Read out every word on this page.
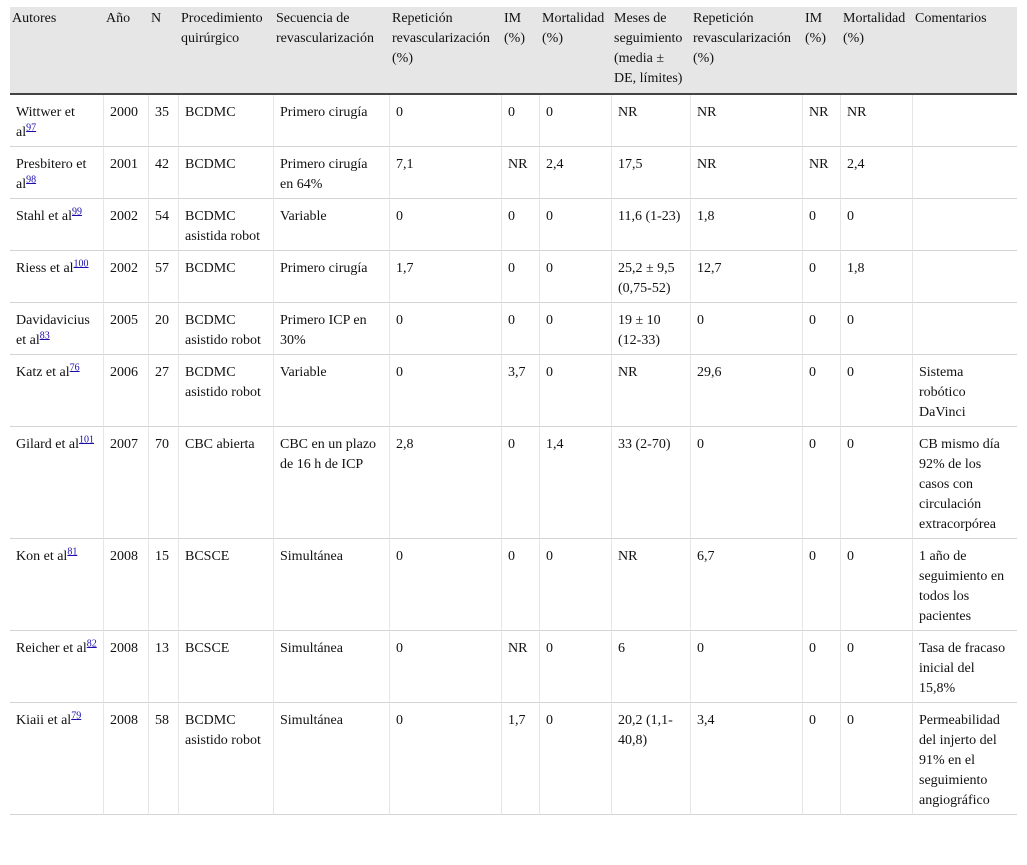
Autores	Año	N	Procedimiento quirúrgico	Secuencia de revascularización	Repetición revascularización (%)	IM (%)	Mortalidad (%)	Meses de seguimiento (media ± DE, límites)	Repetición revascularización (%)	IM (%)	Mortalidad (%)	Comentarios
Wittwer et al$^{97}$	2000	35	BCDMC	Primero cirugía	0	0	0	NR	NR	NR	NR	
Presbitero et al$^{98}$	2001	42	BCDMC	Primero cirugía en 64%	7,1	NR	2,4	17,5	NR	NR	2,4	
Stahl et al$^{99}$	2002	54	BCDMC asistida robot	Variable	0	0	0	11,6 (1-23)	1,8	0	0	
Riess et al$^{100}$	2002	57	BCDMC	Primero cirugía	1,7	0	0	25,2 ± 9,5 (0,75-52)	12,7	0	1,8	
Davidavicius et al$^{83}$	2005	20	BCDMC asistido robot	Primero ICP en 30%	0	0	0	19 ± 10 (12-33)	0	0	0	
Katz et al$^{76}$	2006	27	BCDMC asistido robot	Variable	0	3,7	0	NR	29,6	0	0	Sistema robótico DaVinci
Gilard et al$^{101}$	2007	70	CBC abierta	CBC en un plazo de 16 h de ICP	2,8	0	1,4	33 (2-70)	0	0	0	CB mismo día 92% de los casos con circulación extracorpórea
Kon et al$^{81}$	2008	15	BCSCE	Simultánea	0	0	0	NR	6,7	0	0	1 año de seguimiento en todos los pacientes
Reicher et al$^{82}$	2008	13	BCSCE	Simultánea	0	NR	0	6	0	0	0	Tasa de fracaso inicial del 15,8%
Kiaii et al$^{79}$	2008	58	BCDMC asistido robot	Simultánea	0	1,7	0	20,2 (1,1-40,8)	3,4	0	0	Permeabilidad del injerto del 91% en el seguimiento angiográfico
